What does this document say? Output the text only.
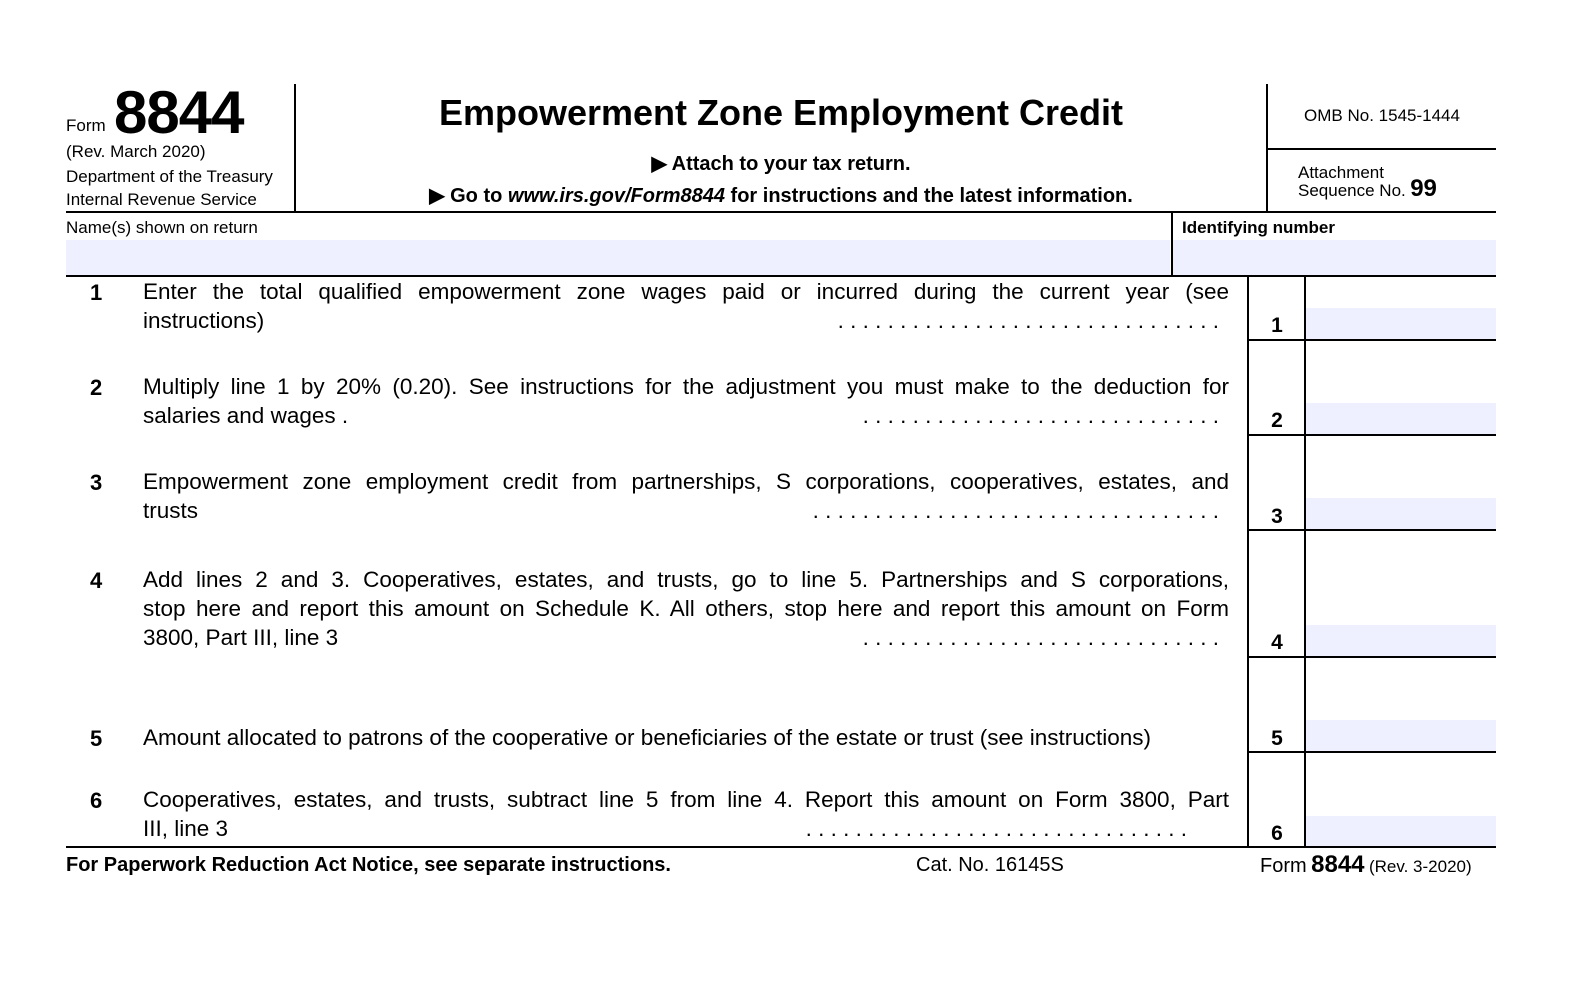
Form 8844
(Rev. March 2020)
Department of the Treasury
Internal Revenue Service
Empowerment Zone Employment Credit
▶ Attach to your tax return.
▶ Go to www.irs.gov/Form8844 for instructions and the latest information.
OMB No. 1545-1444
Attachment
Sequence No. 99
Name(s) shown on return	Identifying number
1 Enter the total qualified empowerment zone wages paid or incurred during the current year (see
instructions)	. . . . . . . . . . . . . . . . . . . . . . . . . . . . . . .	1
2 Multiply line 1 by 20% (0.20). See instructions for the adjustment you must make to the deduction for
salaries and wages .	. . . . . . . . . . . . . . . . . . . . . . . . . . . . .	2
3 Empowerment zone employment credit from partnerships, S corporations, cooperatives, estates, and
trusts	. . . . . . . . . . . . . . . . . . . . . . . . . . . . . . . . .	3
4 Add lines 2 and 3. Cooperatives, estates, and trusts, go to line 5. Partnerships and S corporations,
stop here and report this amount on Schedule K. All others, stop here and report this amount on Form
3800, Part III, line 3	. . . . . . . . . . . . . . . . . . . . . . . . . . . . .	4
5 Amount allocated to patrons of the cooperative or beneficiaries of the estate or trust (see instructions)	5
6 Cooperatives, estates, and trusts, subtract line 5 from line 4. Report this amount on Form 3800, Part
III, line 3	. . . . . . . . . . . . . . . . . . . . . . . . . . . . . . .	6
For Paperwork Reduction Act Notice, see separate instructions.	Cat. No. 16145S	Form 8844 (Rev. 3-2020)
